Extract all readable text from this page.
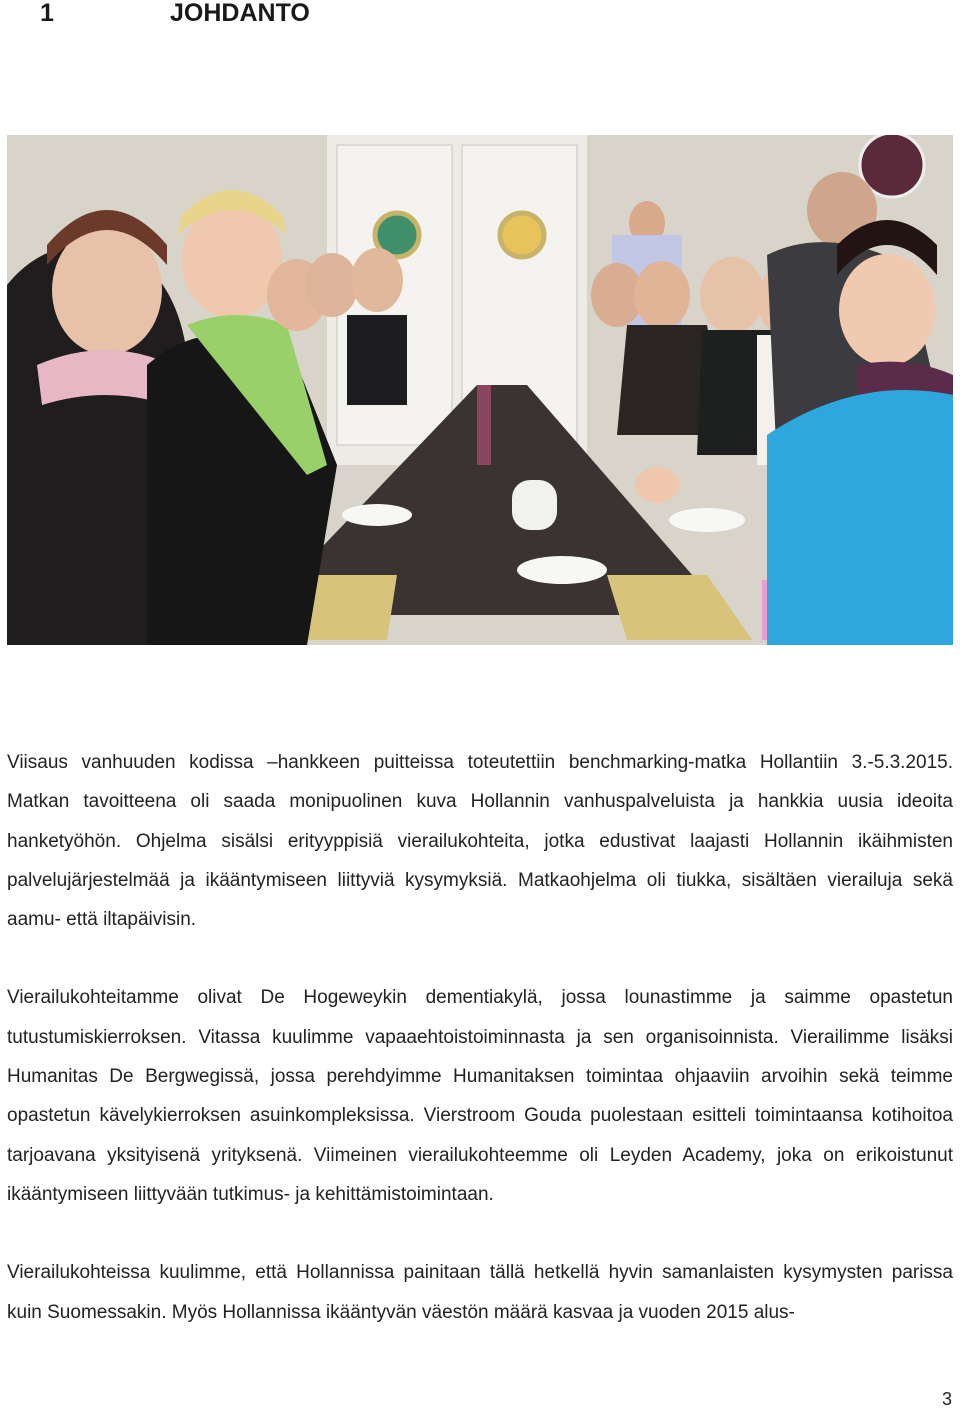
1	JOHDANTO

Viisaus vanhuuden kodissa –hankkeen puitteissa toteutettiin benchmarking-matka Hollantiin 3.-5.3.2015. Matkan tavoitteena oli saada monipuolinen kuva Hollannin vanhuspalveluista ja hankkia uusia ideoita hanketyöhön. Ohjelma sisälsi erityyppisiä vierailukohteita, jotka edustivat laajasti Hollannin ikäihmisten palvelujärjestelmää ja ikääntymiseen liittyviä kysymyksiä. Matkaohjelma oli tiukka, sisältäen vierailuja sekä aamu- että iltapäivisin.

Vierailukohteitamme olivat De Hogeweykin dementiakylä, jossa lounastimme ja saimme opastetun tutustumiskierroksen. Vitassa kuulimme vapaaehtoistoiminnasta ja sen organisoinnista. Vierailimme lisäksi Humanitas De Bergwegissä, jossa perehdyimme Humanitaksen toimintaa ohjaaviin arvoihin sekä teimme opastetun kävelykierroksen asuinkompleksissa. Vierstroom Gouda puolestaan esitteli toimintaansa kotihoitoa tarjoavana yksityisenä yrityksenä. Viimeinen vierailukohteemme oli Leyden Academy, joka on erikoistunut ikääntymiseen liittyvään tutkimus- ja kehittämistoimintaan.

Vierailukohteissa kuulimme, että Hollannissa painitaan tällä hetkellä hyvin samanlaisten kysymysten parissa kuin Suomessakin. Myös Hollannissa ikääntyvän väestön määrä kasvaa ja vuoden 2015 alus-

3
